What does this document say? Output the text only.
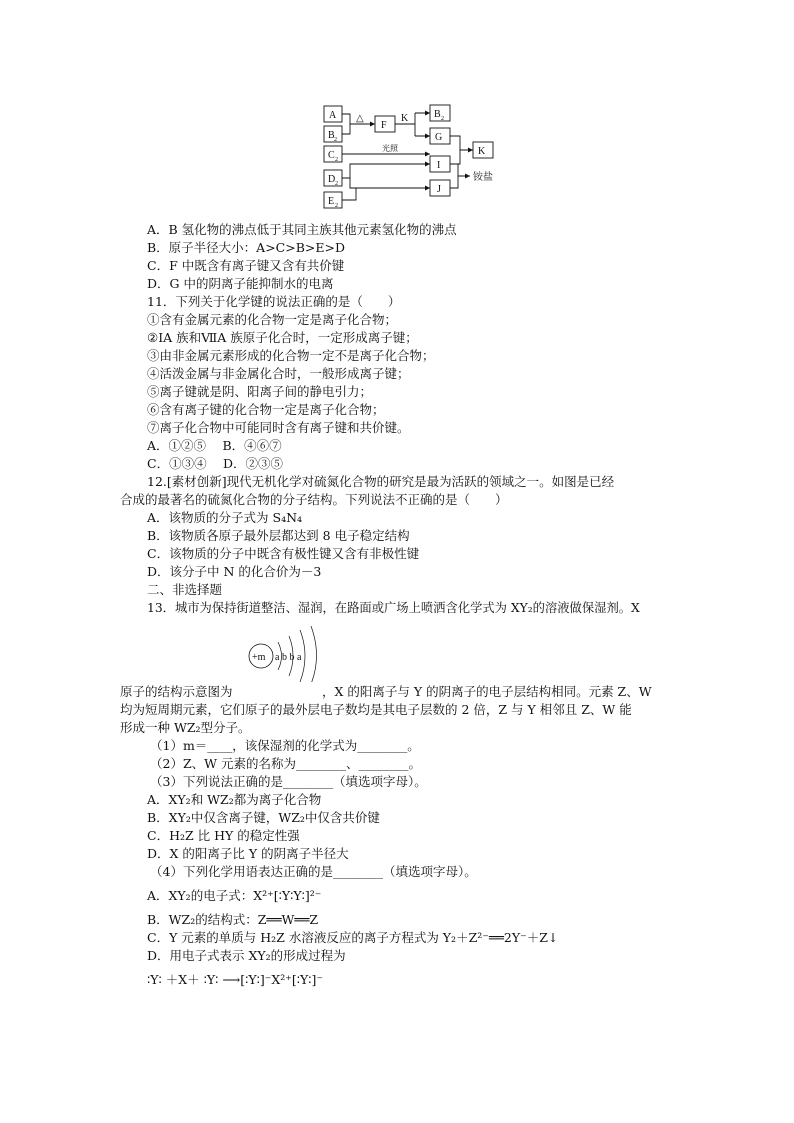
A
B 2
C 2
D 2
E 2
F
B 2
G
I
J
K
△	K
光照
铵盐
A．B 氢化物的沸点低于其同主族其他元素氢化物的沸点
B．原子半径大小：A>C>B>E>D
C．F 中既含有离子键又含有共价键
D．G 中的阴离子能抑制水的电离
11．下列关于化学键的说法正确的是（　　）
①含有金属元素的化合物一定是离子化合物；
②ⅠA 族和ⅦA 族原子化合时，一定形成离子键；
③由非金属元素形成的化合物一定不是离子化合物；
④活泼金属与非金属化合时，一般形成离子键；
⑤离子键就是阴、阳离子间的静电引力；
⑥含有离子键的化合物一定是离子化合物；
⑦离子化合物中可能同时含有离子键和共价键。
A．①②⑤　 B．④⑥⑦
C．①③④　 D．②③⑤
12.[素材创新]现代无机化学对硫氮化合物的研究是最为活跃的领域之一。如图是已经
合成的最著名的硫氮化合物的分子结构。下列说法不正确的是（　　）
A．该物质的分子式为 S₄N₄
B．该物质各原子最外层都达到 8 电子稳定结构
C．该物质的分子中既含有极性键又含有非极性键
D．该分子中 N 的化合价为－3
二、非选择题
13．城市为保持街道整洁、湿润，在路面或广场上喷洒含化学式为 XY₂的溶液做保湿剂。X
+m a b b a
原子的结构示意图为	，X 的阳离子与 Y 的阴离子的电子层结构相同。元素 Z、W
均为短周期元素，它们原子的最外层电子数均是其电子层数的 2 倍，Z 与 Y 相邻且 Z、W 能
形成一种 WZ₂型分子。
（1）m＝____，该保湿剂的化学式为________。
（2）Z、W 元素的名称为________、________。
（3）下列说法正确的是________（填选项字母）。
A．XY₂和 WZ₂都为离子化合物
B．XY₂中仅含离子键，WZ₂中仅含共价键
C．H₂Z 比 HY 的稳定性强
D．X 的阳离子比 Y 的阴离子半径大
（4）下列化学用语表达正确的是________（填选项字母）。
A．XY₂的电子式：X²⁺[∶Y∶Y∶]²⁻
B．WZ₂的结构式：Z══W══Z
C．Y 元素的单质与 H₂Z 水溶液反应的离子方程式为 Y₂＋Z²⁻══2Y⁻＋Z↓
D．用电子式表示 XY₂的形成过程为
∶Y∶ ＋X＋ ∶Y∶ ⟶[∶Y∶]⁻X²⁺[∶Y∶]⁻
